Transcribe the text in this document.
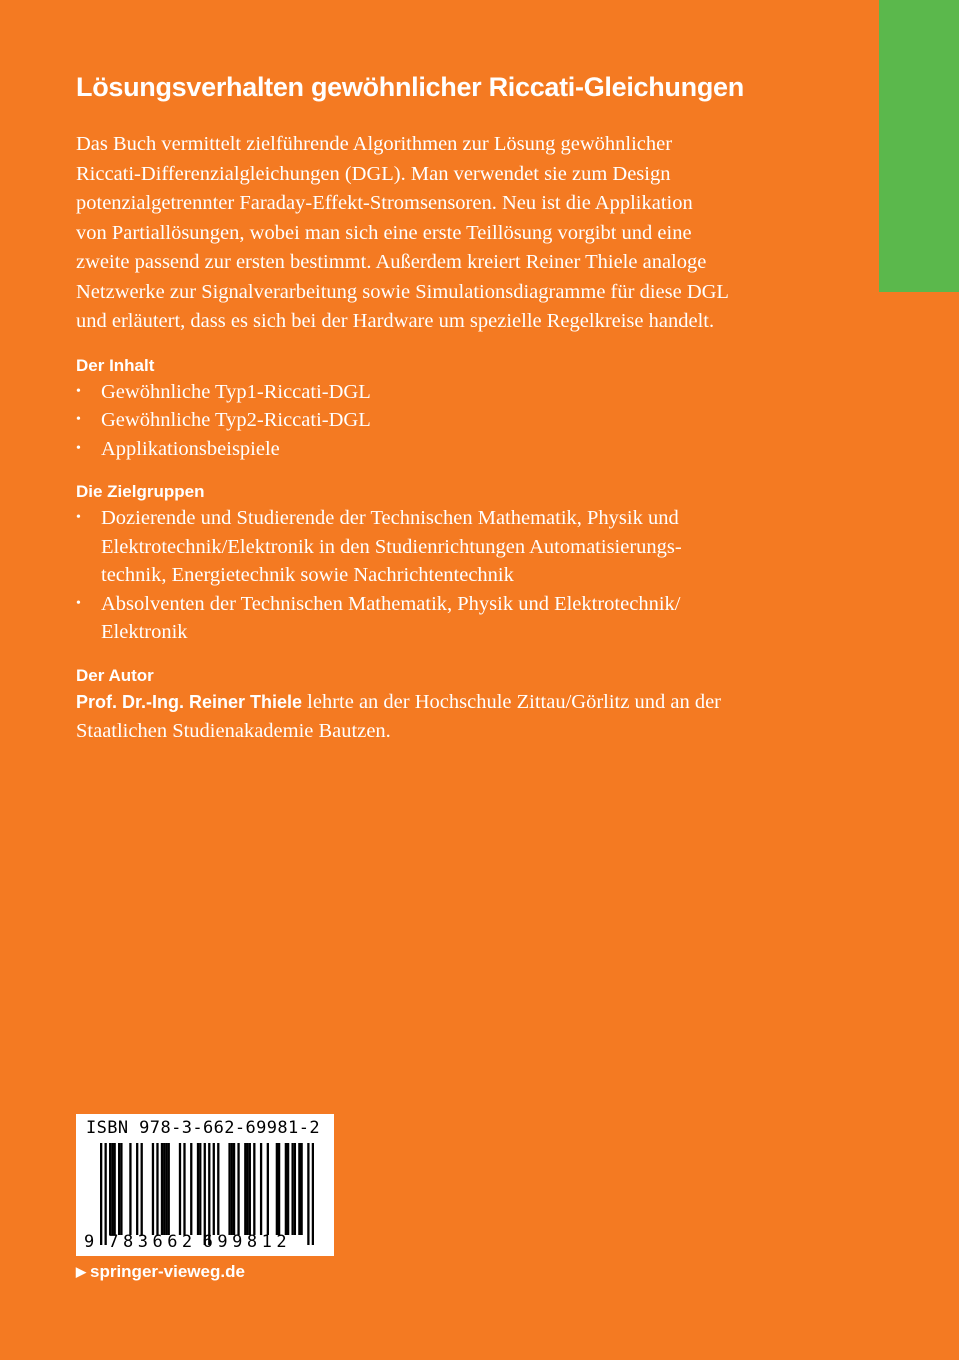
Lösungsverhalten gewöhnlicher Riccati-Gleichungen

Das Buch vermittelt zielführende Algorithmen zur Lösung gewöhnlicher
Riccati-Differenzialgleichungen (DGL). Man verwendet sie zum Design
potenzialgetrennter Faraday-Effekt-Stromsensoren. Neu ist die Applikation
von Partiallösungen, wobei man sich eine erste Teillösung vorgibt und eine
zweite passend zur ersten bestimmt. Außerdem kreiert Reiner Thiele analoge
Netzwerke zur Signalverarbeitung sowie Simulationsdiagramme für diese DGL
und erläutert, dass es sich bei der Hardware um spezielle Regelkreise handelt.

Der Inhalt
• Gewöhnliche Typ1-Riccati-DGL
• Gewöhnliche Typ2-Riccati-DGL
• Applikationsbeispiele
Die Zielgruppen
• Dozierende und Studierende der Technischen Mathematik, Physik und
Elektrotechnik/Elektronik in den Studienrichtungen Automatisierungs-
technik, Energietechnik sowie Nachrichtentechnik
• Absolventen der Technischen Mathematik, Physik und Elektrotechnik/
Elektronik
Der Autor

Prof. Dr.-Ing. Reiner Thiele lehrte an der Hochschule Zittau/Görlitz und an der
Staatlichen Studienakademie Bautzen.

ISBN 978-3-662-69981-2
9 783662 699812
▶ springer-vieweg.de
